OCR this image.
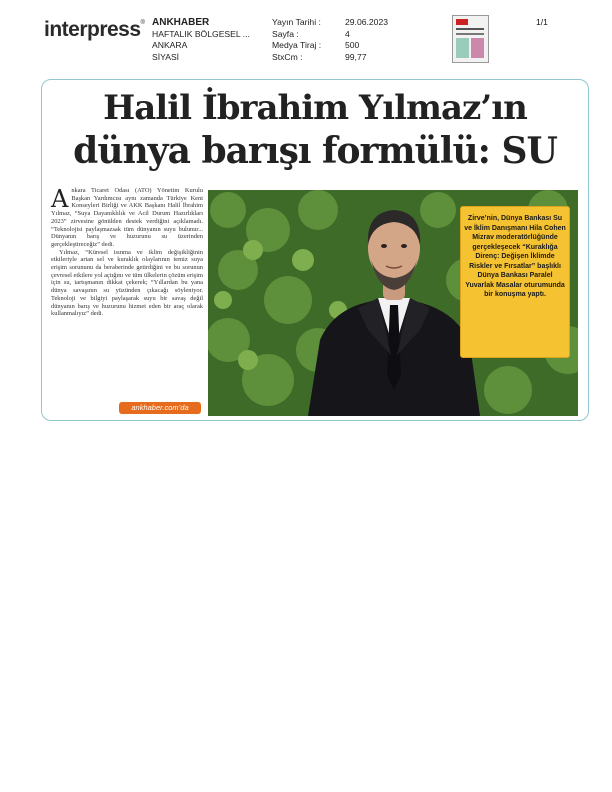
interpress® ANKHABER
HAFTALIK BÖLGESEL ...
ANKARA
SİYASİ
Yayın Tarihi :
Sayfa :
Medya Tiraj :
StxCm :
29.06.2023
4
500
99,77
1/1
Halil İbrahim Yılmaz’ın
dünya barışı formülü: SU
A nkara Ticaret Odası (ATO) Yönetim Kurulu Başkan Yardımcısı aynı zamanda Türkiye Kent Konseyleri Birliği ve AKK Başkanı Halil İbrahim Yılmaz, “Suya Dayanıklılık ve Acil Durum Hazırlıkları 2023” zirvesine gönülden destek verdiğini açıklamadı. “Teknolojisi paylaşmazsak tüm dünyanın suyu bulunur... Dünyanın barış ve huzurunu su üzerinden gerçekleştireceğiz” dedi.

Yılmaz, “Küresel isınma ve iklim değişikliğinin etkileriyle artan sel ve kuraklık olaylarının temiz suya erişim sorununu da beraberinde getirdiğini ve bu sorunun çevresel etkilere yol açtığını ve tüm ülkelerin çözüm erişim için su, tartışmanın dikkat çekerek; “Yıllardan bu yana dünya savaşının su yüzünden çıkacağı söyleniyor. Teknoloji ve bilgiyi paylaşarak suyu bir savaş değil dünyanın barış ve huzurunu hizmet eden bir araç olarak kullanmalıyız” dedi.

ankhaber.com’da
Zirve’nin, Dünya Bankası Su ve İklim Danışmanı Hila Cohen Mizrav moderatörlüğünde gerçekleşecek “Kuraklığa Direnç: Değişen İklimde Riskler ve Fırsatlar” başlıklı Dünya Bankası Paralel Yuvarlak Masalar oturumunda bir konuşma yaptı.
